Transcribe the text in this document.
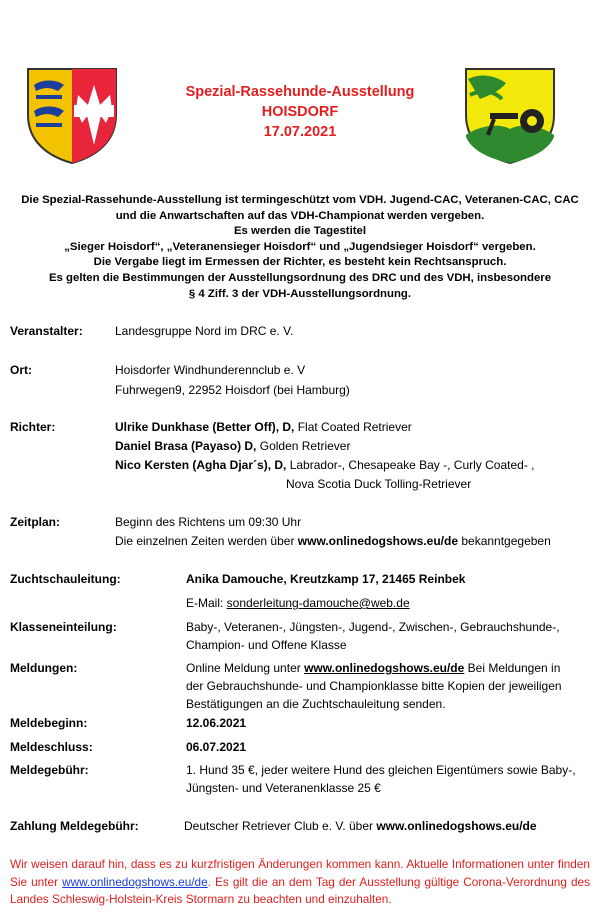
Spezial-Rassehunde-Ausstellung
HOISDORF
17.07.2021
Die Spezial-Rassehunde-Ausstellung ist termingeschützt vom VDH. Jugend-CAC, Veteranen-CAC, CAC
und die Anwartschaften auf das VDH-Championat werden vergeben.
Es werden die Tagestitel
„Sieger Hoisdorf“, „Veteranensieger Hoisdorf“ und „Jugendsieger Hoisdorf“ vergeben.
Die Vergabe liegt im Ermessen der Richter, es besteht kein Rechtsanspruch.
Es gelten die Bestimmungen der Ausstellungsordnung des DRC und des VDH, insbesondere
§ 4 Ziff. 3 der VDH-Ausstellungsordnung.
Veranstalter:	Landesgruppe Nord im DRC e. V.
Ort:	Hoisdorfer Windhunderennclub e. V
Fuhrwegen9, 22952 Hoisdorf (bei Hamburg)
Richter:	Ulrike Dunkhase (Better Off), D, Flat Coated Retriever
Daniel Brasa (Payaso) D, Golden Retriever
Nico Kersten (Agha Djar´s), D, Labrador-, Chesapeake Bay -, Curly Coated- ,
Nova Scotia Duck Tolling-Retriever
Zeitplan:	Beginn des Richtens um 09:30 Uhr
Die einzelnen Zeiten werden über www.onlinedogshows.eu/de bekanntgegeben
Zuchtschauleitung:	Anika Damouche, Kreutzkamp 17, 21465 Reinbek
E-Mail: sonderleitung-damouche@web.de
Klasseneinteilung:	Baby-, Veteranen-, Jüngsten-, Jugend-, Zwischen-, Gebrauchshunde-,
Champion- und Offene Klasse
Meldungen:	Online Meldung unter www.onlinedogshows.eu/de Bei Meldungen in
der Gebrauchshunde- und Championklasse bitte Kopien der jeweiligen
Bestätigungen an die Zuchtschauleitung senden.
Meldebeginn:	12.06.2021
Meldeschluss:	06.07.2021
Meldegebühr:	1. Hund 35 €, jeder weitere Hund des gleichen Eigentümers sowie Baby-,
Jüngsten- und Veteranenklasse 25 €
Zahlung Meldegebühr:	Deutscher Retriever Club e. V. über www.onlinedogshows.eu/de
Wir weisen darauf hin, dass es zu kurzfristigen Änderungen kommen kann. Aktuelle Informationen unter finden Sie unter www.onlinedogshows.eu/de. Es gilt die an dem Tag der Ausstellung gültige Corona-Verordnung des Landes Schleswig-Holstein-Kreis Stormarn zu beachten und einzuhalten.
